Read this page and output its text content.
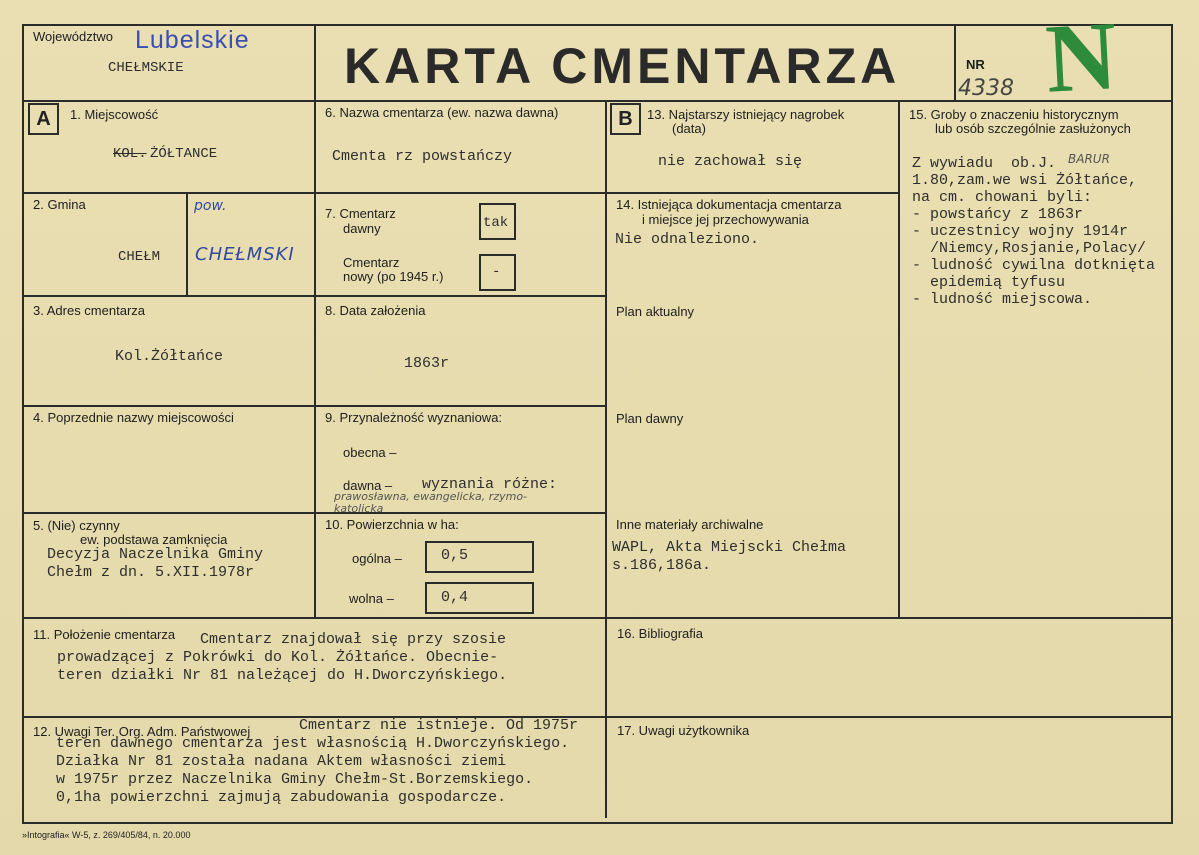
Województwo Lubelskie
CHEŁMSKIE	KARTA CMENTARZA	NR
4338 N
A	B
1. Miejscowość
KOL. ŻÓŁTANCE
2. Gmina
CHEŁM
pow.
CHEŁMSKI
3. Adres cmentarza
Kol.Żółtańce
4. Poprzednie nazwy miejscowości
5. (Nie) czynny
ew. podstawa zamknięcia
Decyzja Naczelnika Gminy
Chełm z dn. 5.XII.1978r
6. Nazwa cmentarza (ew. nazwa dawna)
Cmenta rz powstańczy
7. Cmentarz
dawny	tak
Cmentarz
nowy (po 1945 r.)	-
8. Data założenia
1863r
9. Przynależność wyznaniowa:
obecna –
dawna – wyznania różne:
prawosławna, ewangelicka, rzymo-
katolicka
10. Powierzchnia w ha:
ogólna –	0,5
wolna –	0,4
13. Najstarszy istniejący nagrobek
(data)
nie zachował się
14. Istniejąca dokumentacja cmentarza
i miejsce jej przechowywania
Nie odnaleziono.
Plan aktualny
Plan dawny
Inne materiały archiwalne
WAPL, Akta Miejscki Chełma
s.186,186a.
15. Groby o znaczeniu historycznym
lub osób szczególnie zasłużonych
Z wywiadu  ob.J. BARUR
1.80,zam.we wsi Żółtańce,
na cm. chowani byli:
- powstańcy z 1863r
- uczestnicy wojny 1914r
/Niemcy,Rosjanie,Polacy/
- ludność cywilna dotknięta
epidemią tyfusu
- ludność miejscowa.
11. Położenie cmentarza Cmentarz znajdował się przy szosie
prowadzącej z Pokrówki do Kol. Żółtańce. Obecnie-
teren działki Nr 81 należącej do H.Dworczyńskiego.
16. Bibliografia
12. Uwagi Ter. Org. Adm. Państwowej	Cmentarz nie istnieje. Od 1975r
teren dawnego cmentarza jest własnością H.Dworczyńskiego.
Działka Nr 81 została nadana Aktem własności ziemi
w 1975r przez Naczelnika Gminy Chełm-St.Borzemskiego.
0,1ha powierzchni zajmują zabudowania gospodarcze.
17. Uwagi użytkownika
»Intografia« W-5, z. 269/405/84, n. 20.000
